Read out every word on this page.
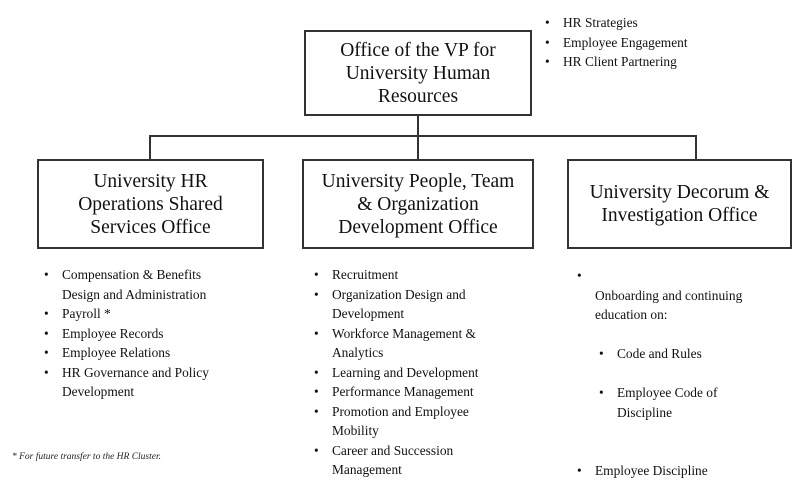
Office of the VP for
University Human
Resources
University HR
Operations Shared
Services Office
University People, Team
& Organization
Development Office
University Decorum &
Investigation Office
• HR Strategies
• Employee Engagement
• HR Client Partnering
• Compensation & Benefits
Design and Administration
• Payroll *
• Employee Records
• Employee Relations
• HR Governance and Policy
Development
• Recruitment
• Organization Design and
Development
• Workforce Management &
Analytics
• Learning and Development
• Performance Management
• Promotion and Employee
Mobility
• Career and Succession
Management

• Onboarding and continuing
education on:

• Code and Rules

• Employee Code of
Discipline

• Employee Discipline
* For future transfer to the HR Cluster.
